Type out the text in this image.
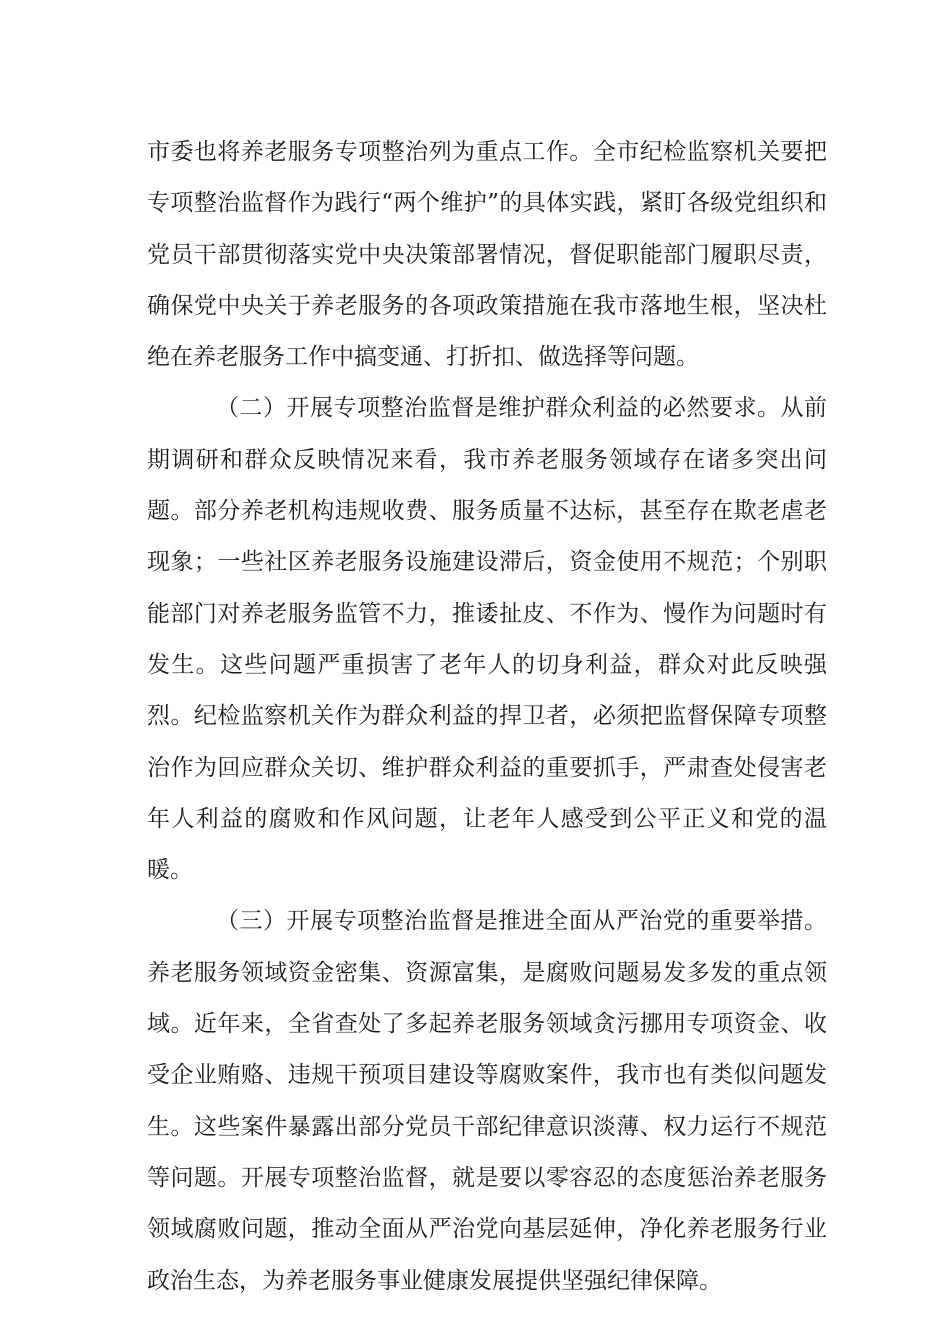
市委也将养老服务专项整治列为重点工作。全市纪检监察机关要把专项整治监督作为践行“两个维护”的具体实践，紧盯各级党组织和党员干部贯彻落实党中央决策部署情况，督促职能部门履职尽责，确保党中央关于养老服务的各项政策措施在我市落地生根，坚决杜绝在养老服务工作中搞变通、打折扣、做选择等问题。

（二）开展专项整治监督是维护群众利益的必然要求。从前期调研和群众反映情况来看，我市养老服务领域存在诸多突出问题。部分养老机构违规收费、服务质量不达标，甚至存在欺老虐老现象；一些社区养老服务设施建设滞后，资金使用不规范；个别职能部门对养老服务监管不力，推诿扯皮、不作为、慢作为问题时有发生。这些问题严重损害了老年人的切身利益，群众对此反映强烈。纪检监察机关作为群众利益的捍卫者，必须把监督保障专项整治作为回应群众关切、维护群众利益的重要抓手，严肃查处侵害老年人利益的腐败和作风问题，让老年人感受到公平正义和党的温暖。

（三）开展专项整治监督是推进全面从严治党的重要举措。养老服务领域资金密集、资源富集，是腐败问题易发多发的重点领域。近年来，全省查处了多起养老服务领域贪污挪用专项资金、收受企业贿赂、违规干预项目建设等腐败案件，我市也有类似问题发生。这些案件暴露出部分党员干部纪律意识淡薄、权力运行不规范等问题。开展专项整治监督，就是要以零容忍的态度惩治养老服务领域腐败问题，推动全面从严治党向基层延伸，净化养老服务行业政治生态，为养老服务事业健康发展提供坚强纪律保障。
